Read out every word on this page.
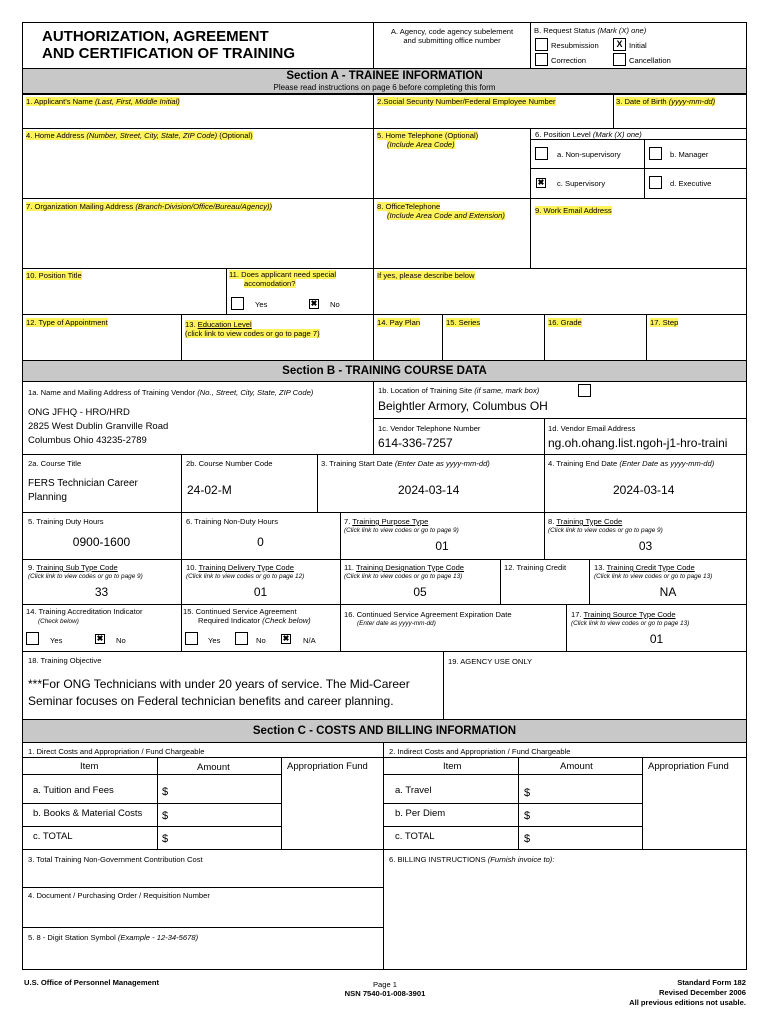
AUTHORIZATION, AGREEMENT
AND CERTIFICATION OF TRAINING
A. Agency, code agency subelement
and submitting office number
B. Request Status (Mark (X) one)
Resubmission	X Initial
Correction	Cancellation
Section A - TRAINEE INFORMATION
Please read instructions on page 6 before completing this form
1. Applicant's Name (Last, First, Middle Initial)	2.Social Security Number/Federal Employee Number	3. Date of Birth (yyyy-mm-dd)
4. Home Address (Number, Street, City, State, ZIP Code) (Optional)	5. Home Telephone (Optional)
(Include Area Code)
6. Position Level (Mark (X) one)
a. Non-supervisory	b. Manager
✖ c. Supervisory	d. Executive
7. Organization Mailing Address (Branch-Division/Office/Bureau/Agency))	8. OfficeTelephone
(Include Area Code and Extension)
9. Work Email Address
10. Position Title	11. Does applicant need special
accomodation?
Yes	✖ No
If yes, please describe below
12. Type of Appointment	13. Education Level
(click link to view codes or go to page 7)
14. Pay Plan	15. Series	16. Grade	17. Step
Section B - TRAINING COURSE DATA
1a. Name and Mailing Address of Training Vendor (No., Street, City, State, ZIP Code)
ONG JFHQ - HRO/HRD
2825 West Dublin Granville Road
Columbus Ohio 43235-2789
1b. Location of Training Site (if same, mark box)
Beightler Armory, Columbus OH
1c. Vendor Telephone Number
614-336-7257
1d. Vendor Email Address
ng.oh.ohang.list.ngoh-j1-hro-traini
2a. Course Title
FERS Technician Career
Planning
2b. Course Number Code
24-02-M
3. Training Start Date (Enter Date as yyyy-mm-dd)
2024-03-14
4. Training End Date (Enter Date as yyyy-mm-dd)
2024-03-14
5. Training Duty Hours
0900-1600
6. Training Non-Duty Hours
0
7. Training Purpose Type
(Click link to view codes or go to page 9)
01
8. Training Type Code
(Click link to view codes or go to page 9)
03
9. Training Sub Type Code
(Click link to view codes or go to page 9)
33
10. Training Delivery Type Code
(Click link to view codes or go to page 12)
01
11. Training Designation Type Code
(Click link to view codes or go to page 13)
05
12. Training Credit	13. Training Credit Type Code
(Click link to view codes or go to page 13)
NA
14. Training Accreditation Indicator
(Check below)
Yes	✖ No
15. Continued Service Agreement
Required Indicator (Check below)
Yes	No ✖ N/A
16. Continued Service Agreement Expiration Date
(Enter date as yyyy-mm-dd)
17. Training Source Type Code
(Click link to view codes or go to page 13)
01
18. Training Objective
***For ONG Technicians with under 20 years of service. The Mid-Career
Seminar focuses on Federal technician benefits and career planning.
19. AGENCY USE ONLY
Section C - COSTS AND BILLING INFORMATION
1. Direct Costs and Appropriation / Fund Chargeable
Item	Amount	Appropriation Fund
a. Tuition and Fees	$
b. Books & Material Costs $
c. TOTAL	$
2. Indirect Costs and Appropriation / Fund Chargeable
Item	Amount	Appropriation Fund
a. Travel	$
b. Per Diem	$
c. TOTAL	$
3. Total Training Non-Government Contribution Cost	6. BILLING INSTRUCTIONS (Furnish invoice to):
4. Document / Purchasing Order / Requisition Number
5. 8 - Digit Station Symbol (Example - 12-34-5678)
U.S. Office of Personnel Management	Page 1
NSN 7540-01-008-3901
Standard Form 182
Revised December 2006
All previous editions not usable.
